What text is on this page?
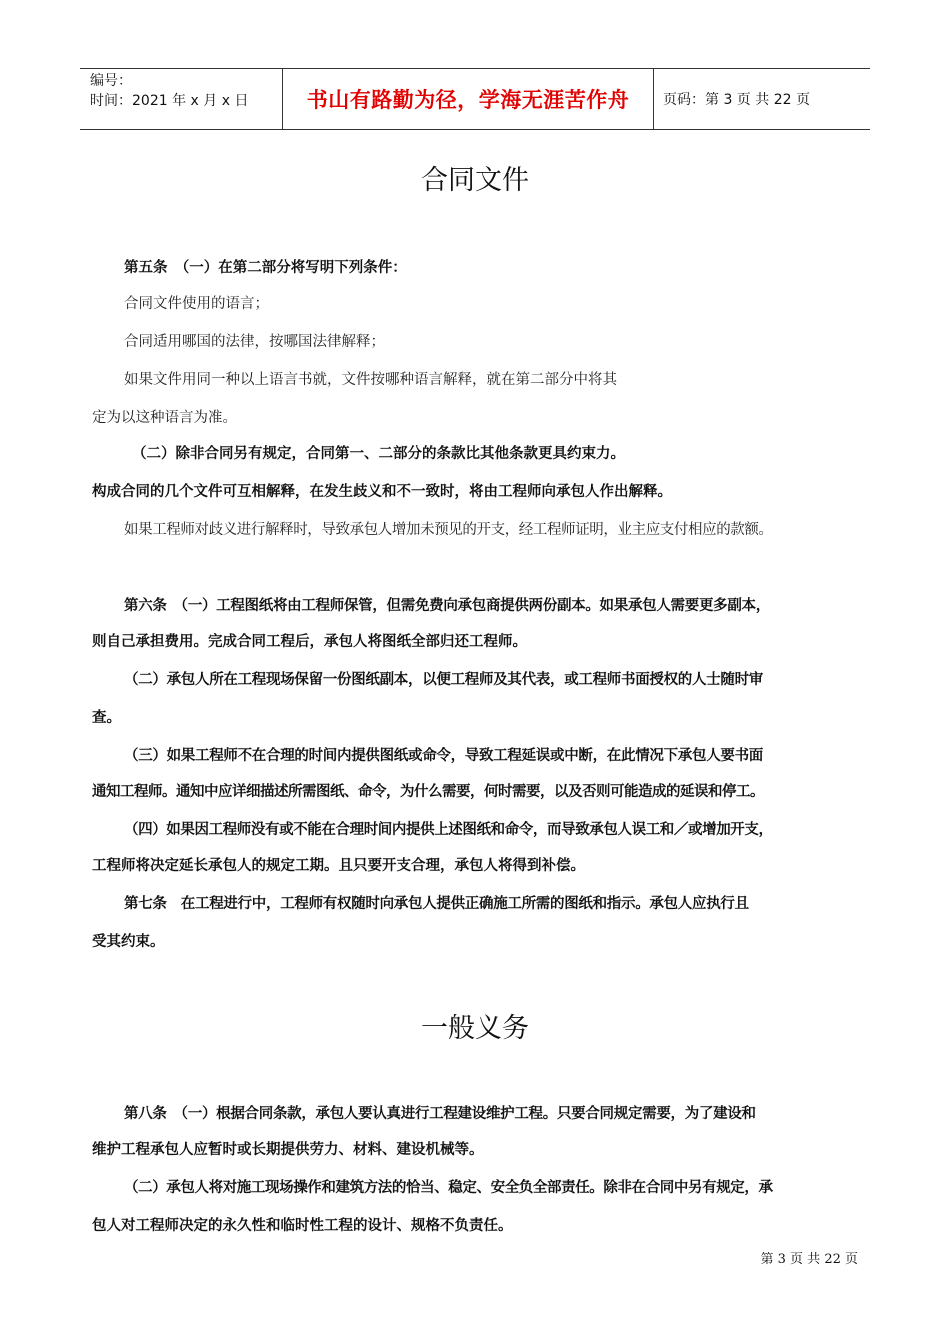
编号：
时间：2021 年 x 月 x 日	书山有路勤为径，学海无涯苦作舟	页码：第 3 页 共 22 页
合同文件

第五条　（一）在第二部分将写明下列条件：

合同文件使用的语言；

合同适用哪国的法律，按哪国法律解释；

如果文件用同一种以上语言书就，文件按哪种语言解释，就在第二部分中将其

定为以这种语言为准。

（二）除非合同另有规定，合同第一、二部分的条款比其他条款更具约束力。

构成合同的几个文件可互相解释，在发生歧义和不一致时，将由工程师向承包人作出解释。

如果工程师对歧义进行解释时，导致承包人增加未预见的开支，经工程师证明，业主应支付相应的款额。

第六条　（一）工程图纸将由工程师保管，但需免费向承包商提供两份副本。如果承包人需要更多副本，

则自己承担费用。完成合同工程后，承包人将图纸全部归还工程师。

（二）承包人所在工程现场保留一份图纸副本，以便工程师及其代表，或工程师书面授权的人士随时审

查。

（三）如果工程师不在合理的时间内提供图纸或命令，导致工程延误或中断，在此情况下承包人要书面

通知工程师。通知中应详细描述所需图纸、命令，为什么需要，何时需要，以及否则可能造成的延误和停工。

（四）如果因工程师没有或不能在合理时间内提供上述图纸和命令，而导致承包人误工和／或增加开支，

工程师将决定延长承包人的规定工期。且只要开支合理，承包人将得到补偿。

第七条　在工程进行中，工程师有权随时向承包人提供正确施工所需的图纸和指示。承包人应执行且

受其约束。

一般义务

第八条　（一）根据合同条款，承包人要认真进行工程建设维护工程。只要合同规定需要，为了建设和

维护工程承包人应暂时或长期提供劳力、材料、建设机械等。

（二）承包人将对施工现场操作和建筑方法的恰当、稳定、安全负全部责任。除非在合同中另有规定，承

包人对工程师决定的永久性和临时性工程的设计、规格不负责任。

第 3 页 共 22 页
